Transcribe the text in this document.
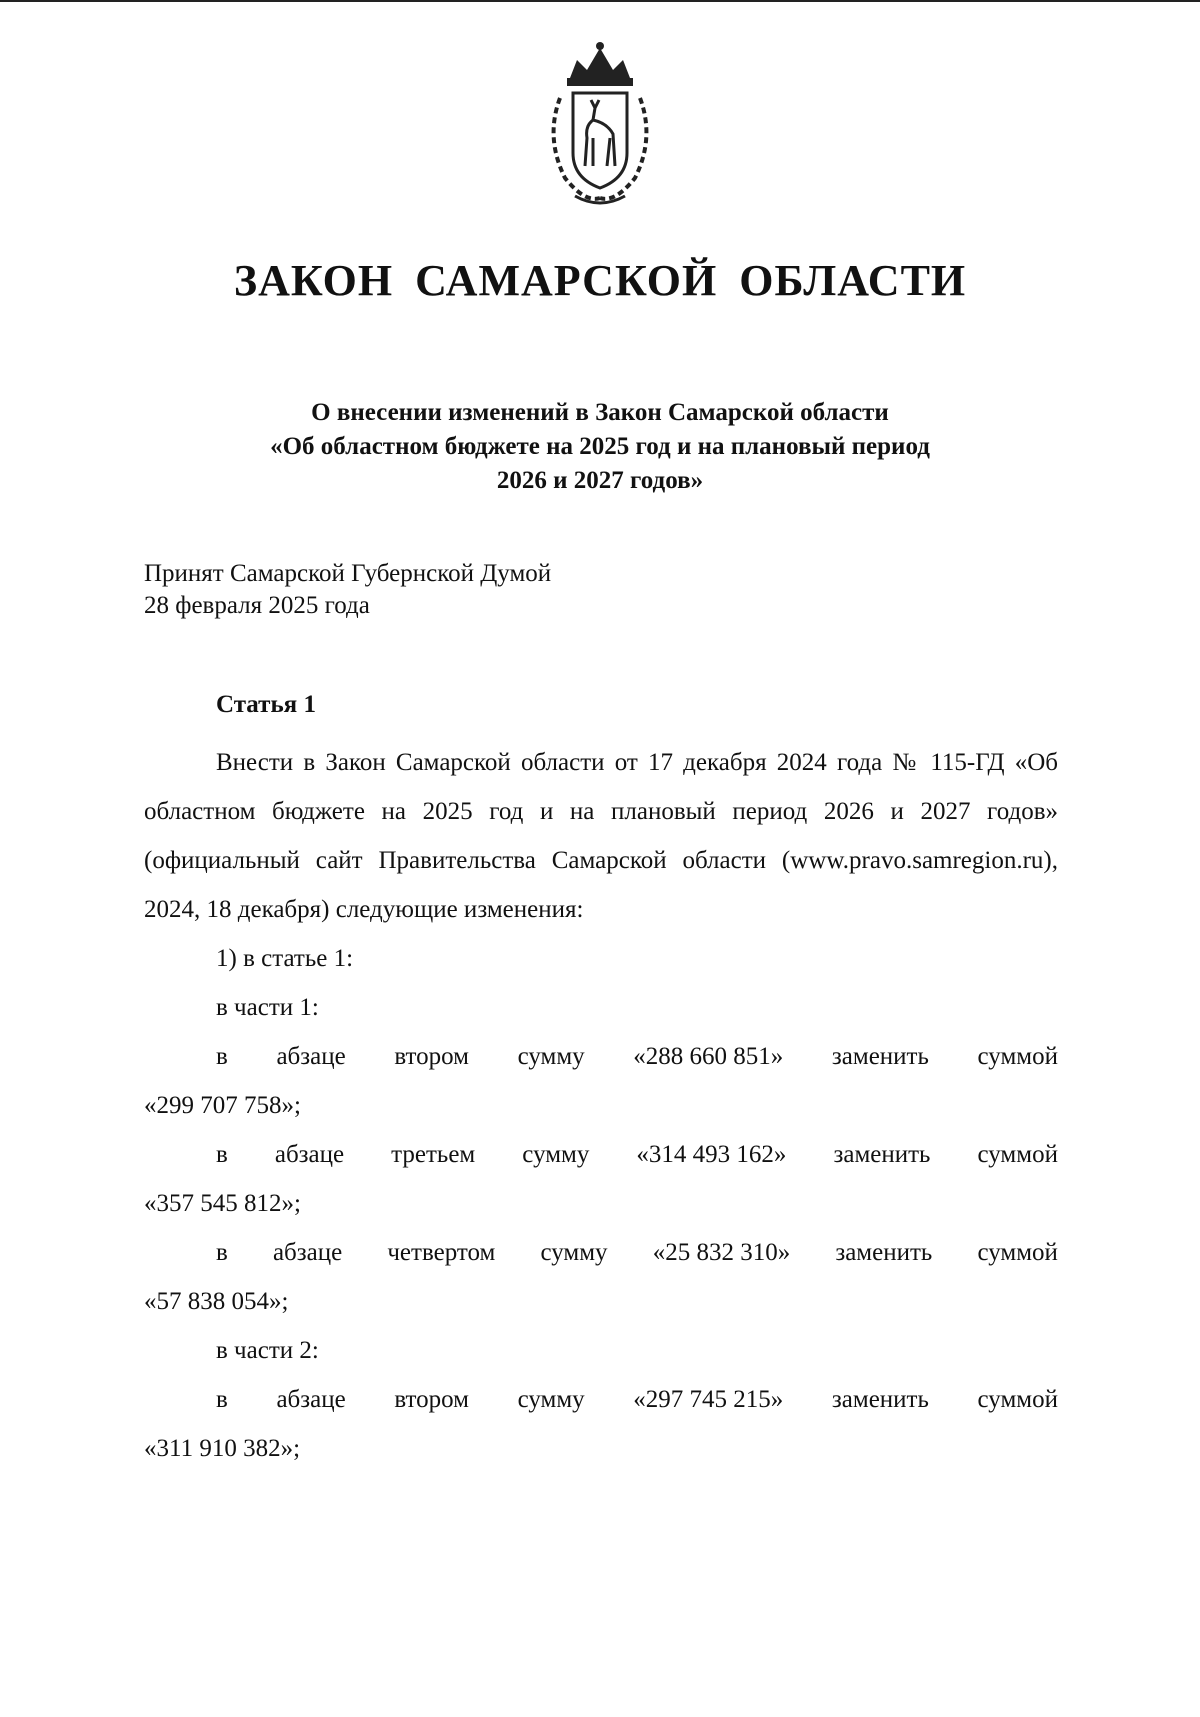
ЗАКОН САМАРСКОЙ ОБЛАСТИ
О внесении изменений в Закон Самарской области
«Об областном бюджете на 2025 год и на плановый период
2026 и 2027 годов»
Принят Самарской Губернской Думой
28 февраля 2025 года
Статья 1

Внести в Закон Самарской области от 17 декабря 2024 года № 115-ГД «Об областном бюджете на 2025 год и на плановый период 2026 и 2027 годов» (официальный сайт Правительства Самарской области (www.pravo.samregion.ru), 2024, 18 декабря) следующие изменения:

1) в статье 1:

в части 1:

в абзаце втором сумму «288 660 851» заменить суммой

«299 707 758»;

в абзаце третьем сумму «314 493 162» заменить суммой

«357 545 812»;

в абзаце четвертом сумму «25 832 310» заменить суммой

«57 838 054»;

в части 2:

в абзаце втором сумму «297 745 215» заменить суммой

«311 910 382»;
